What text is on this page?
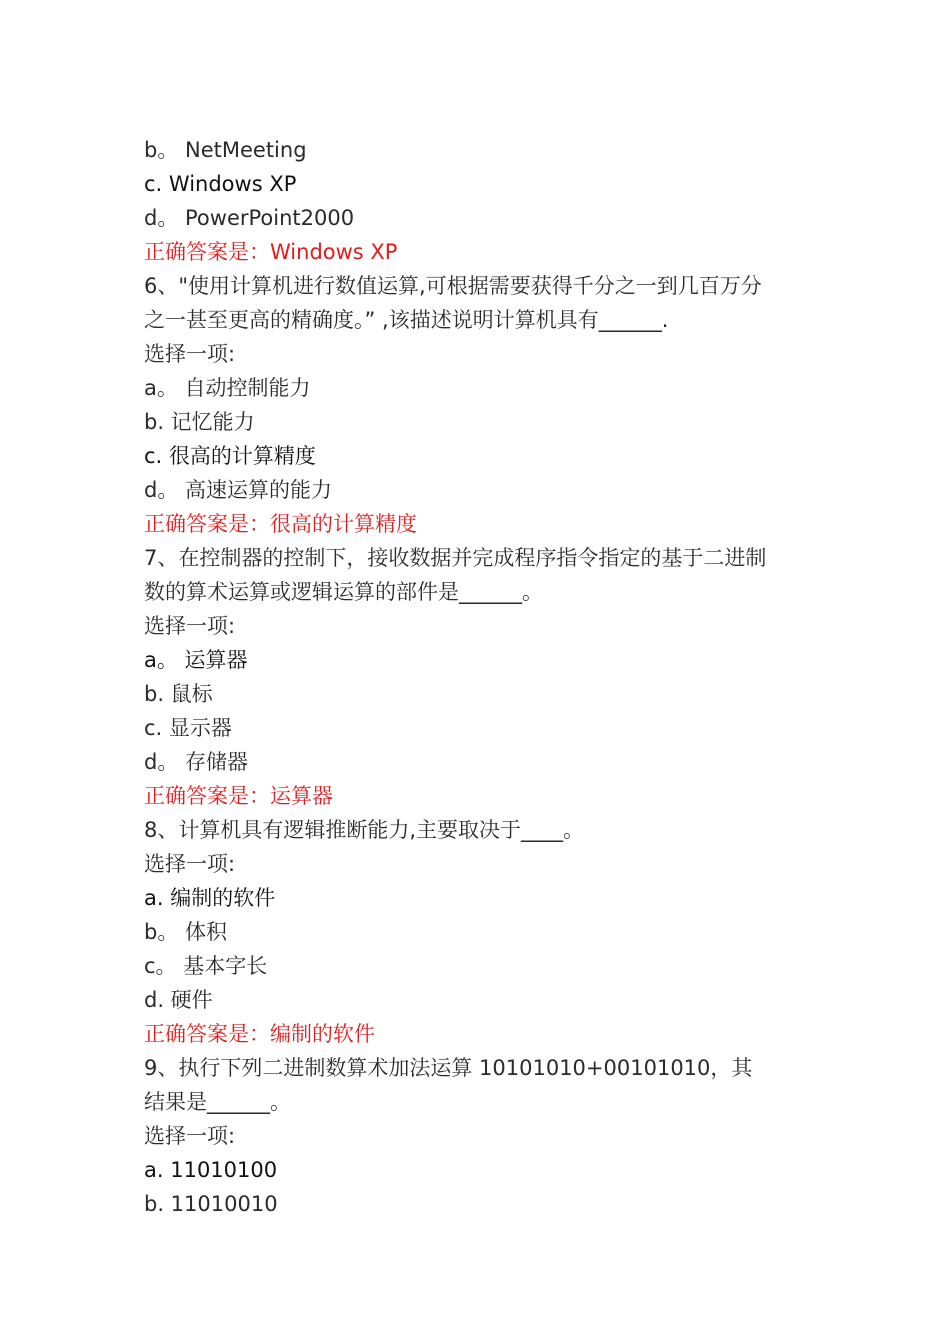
b。 NetMeeting
c. Windows XP
d。 PowerPoint2000
正确答案是：Windows XP
6、"使用计算机进行数值运算,可根据需要获得千分之一到几百万分
之一甚至更高的精确度。” ,该描述说明计算机具有______.
选择一项:
a。 自动控制能力
b. 记忆能力
c. 很高的计算精度
d。 高速运算的能力
正确答案是：很高的计算精度
7、在控制器的控制下，接收数据并完成程序指令指定的基于二进制
数的算术运算或逻辑运算的部件是______。
选择一项:
a。 运算器
b. 鼠标
c. 显示器
d。 存储器
正确答案是：运算器
8、计算机具有逻辑推断能力,主要取决于____。
选择一项:
a. 编制的软件
b。 体积
c。 基本字长
d. 硬件
正确答案是：编制的软件
9、执行下列二进制数算术加法运算 10101010+00101010，其
结果是______。
选择一项:
a. 11010100
b. 11010010
